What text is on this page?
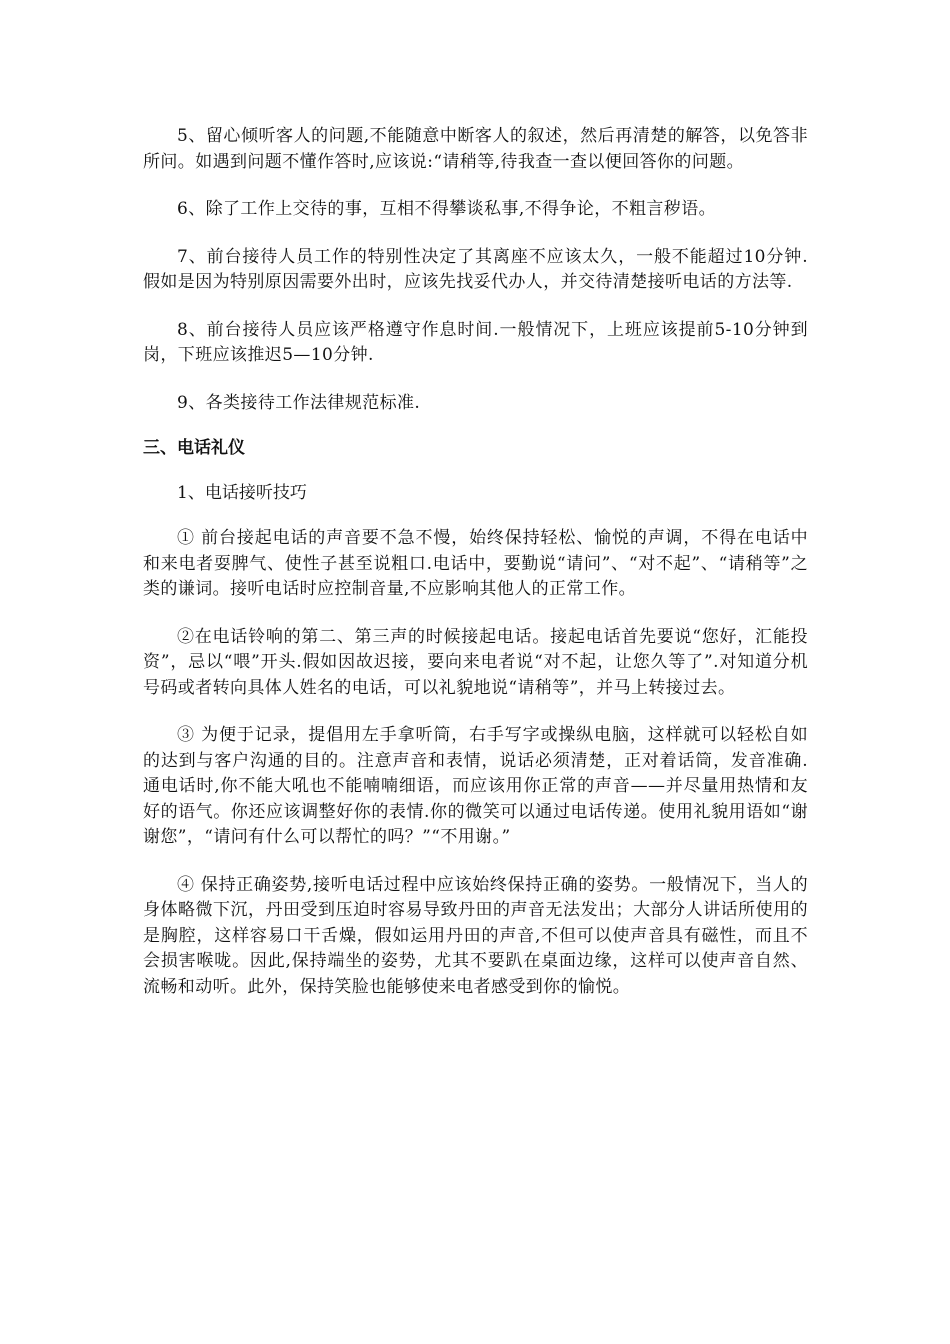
5、留心倾听客人的问题,不能随意中断客人的叙述，然后再清楚的解答，以免答非所问。如遇到问题不懂作答时,应该说:“请稍等,待我查一查以便回答你的问题。

6、除了工作上交待的事，互相不得攀谈私事,不得争论，不粗言秽语。

7、前台接待人员工作的特别性决定了其离座不应该太久，一般不能超过10分钟.假如是因为特别原因需要外出时，应该先找妥代办人，并交待清楚接听电话的方法等.

8、前台接待人员应该严格遵守作息时间.一般情况下，上班应该提前5-10分钟到岗，下班应该推迟5—10分钟.

9、各类接待工作法律规范标准.

三、电话礼仪

1、电话接听技巧

① 前台接起电话的声音要不急不慢，始终保持轻松、愉悦的声调，不得在电话中和来电者耍脾气、使性子甚至说粗口.电话中，要勤说“请问”、“对不起”、“请稍等”之类的谦词。接听电话时应控制音量,不应影响其他人的正常工作。

②在电话铃响的第二、第三声的时候接起电话。接起电话首先要说“您好，汇能投资”，忌以“喂”开头.假如因故迟接，要向来电者说“对不起，让您久等了”.对知道分机号码或者转向具体人姓名的电话，可以礼貌地说“请稍等”，并马上转接过去。

③ 为便于记录，提倡用左手拿听筒，右手写字或操纵电脑，这样就可以轻松自如的达到与客户沟通的目的。注意声音和表情，说话必须清楚，正对着话筒，发音准确.通电话时,你不能大吼也不能喃喃细语，而应该用你正常的声音——并尽量用热情和友好的语气。你还应该调整好你的表情.你的微笑可以通过电话传递。使用礼貌用语如“谢谢您”，“请问有什么可以帮忙的吗？”“不用谢。”

④ 保持正确姿势,接听电话过程中应该始终保持正确的姿势。一般情况下，当人的身体略微下沉，丹田受到压迫时容易导致丹田的声音无法发出；大部分人讲话所使用的是胸腔，这样容易口干舌燥，假如运用丹田的声音,不但可以使声音具有磁性，而且不会损害喉咙。因此,保持端坐的姿势，尤其不要趴在桌面边缘，这样可以使声音自然、流畅和动听。此外，保持笑脸也能够使来电者感受到你的愉悦。
